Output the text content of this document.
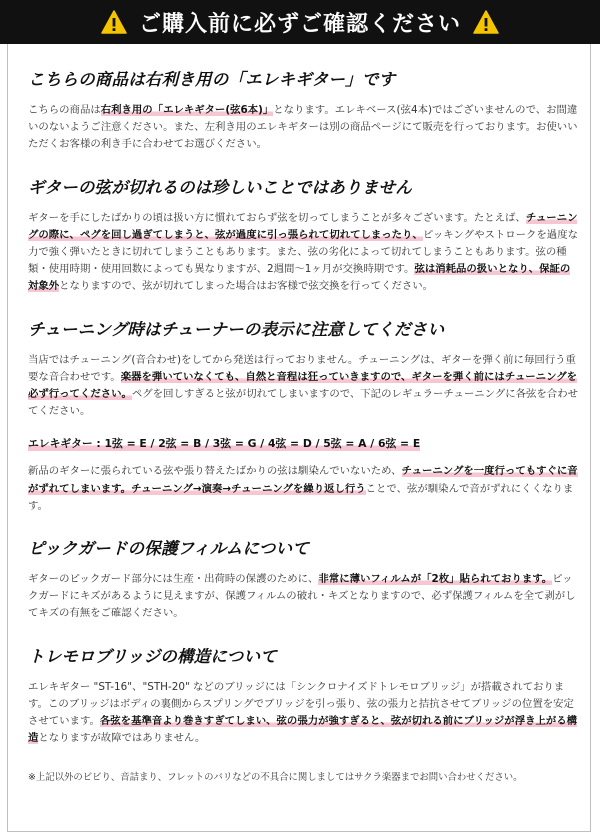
ご購入前に必ずご確認ください
こちらの商品は右利き用の「エレキギター」です

こちらの商品は右利き用の「エレキギター(弦6本)」となります。エレキベース(弦4本)ではございませんので、お間違いのないようご注意ください。また、左利き用のエレキギターは別の商品ページにて販売を行っております。お使いいただくお客様の利き手に合わせてお選びください。

ギターの弦が切れるのは珍しいことではありません

ギターを手にしたばかりの頃は扱い方に慣れておらず弦を切ってしまうことが多々ございます。たとえば、チューニングの際に、ペグを回し過ぎてしまうと、弦が過度に引っ張られて切れてしまったり、ピッキングやストロークを過度な力で強く弾いたときに切れてしまうこともあります。また、弦の劣化によって切れてしまうこともあります。弦の種類・使用時期・使用回数によっても異なりますが、2週間〜1ヶ月が交換時期です。弦は消耗品の扱いとなり、保証の対象外となりますので、弦が切れてしまった場合はお客様で弦交換を行ってください。

チューニング時はチューナーの表示に注意してください

当店ではチューニング(音合わせ)をしてから発送は行っておりません。チューニングは、ギターを弾く前に毎回行う重要な音合わせです。楽器を弾いていなくても、自然と音程は狂っていきますので、ギターを弾く前にはチューニングを必ず行ってください。ペグを回しすぎると弦が切れてしまいますので、下記のレギュラーチューニングに各弦を合わせてください。

エレキギター : 1弦 = E / 2弦 = B / 3弦 = G / 4弦 = D / 5弦 = A / 6弦 = E

新品のギターに張られている弦や張り替えたばかりの弦は馴染んでいないため、チューニングを一度行ってもすぐに音がずれてしまいます。チューニング→演奏→チューニングを繰り返し行うことで、弦が馴染んで音がずれにくくなります。

ピックガードの保護フィルムについて

ギターのピックガード部分には生産・出荷時の保護のために、非常に薄いフィルムが「2枚」貼られております。ピックガードにキズがあるように見えますが、保護フィルムの破れ・キズとなりますので、必ず保護フィルムを全て剥がしてキズの有無をご確認ください。

トレモロブリッジの構造について

エレキギター "ST-16"、"STH-20" などのブリッジには「シンクロナイズドトレモロブリッジ」が搭載されております。このブリッジはボディの裏側からスプリングでブリッジを引っ張り、弦の張力と拮抗させてブリッジの位置を安定させています。各弦を基準音より巻きすぎてしまい、弦の張力が強すぎると、弦が切れる前にブリッジが浮き上がる構造となりますが故障ではありません。

※上記以外のビビり、音詰まり、フレットのバリなどの不具合に関しましてはサクラ楽器までお問い合わせください。
